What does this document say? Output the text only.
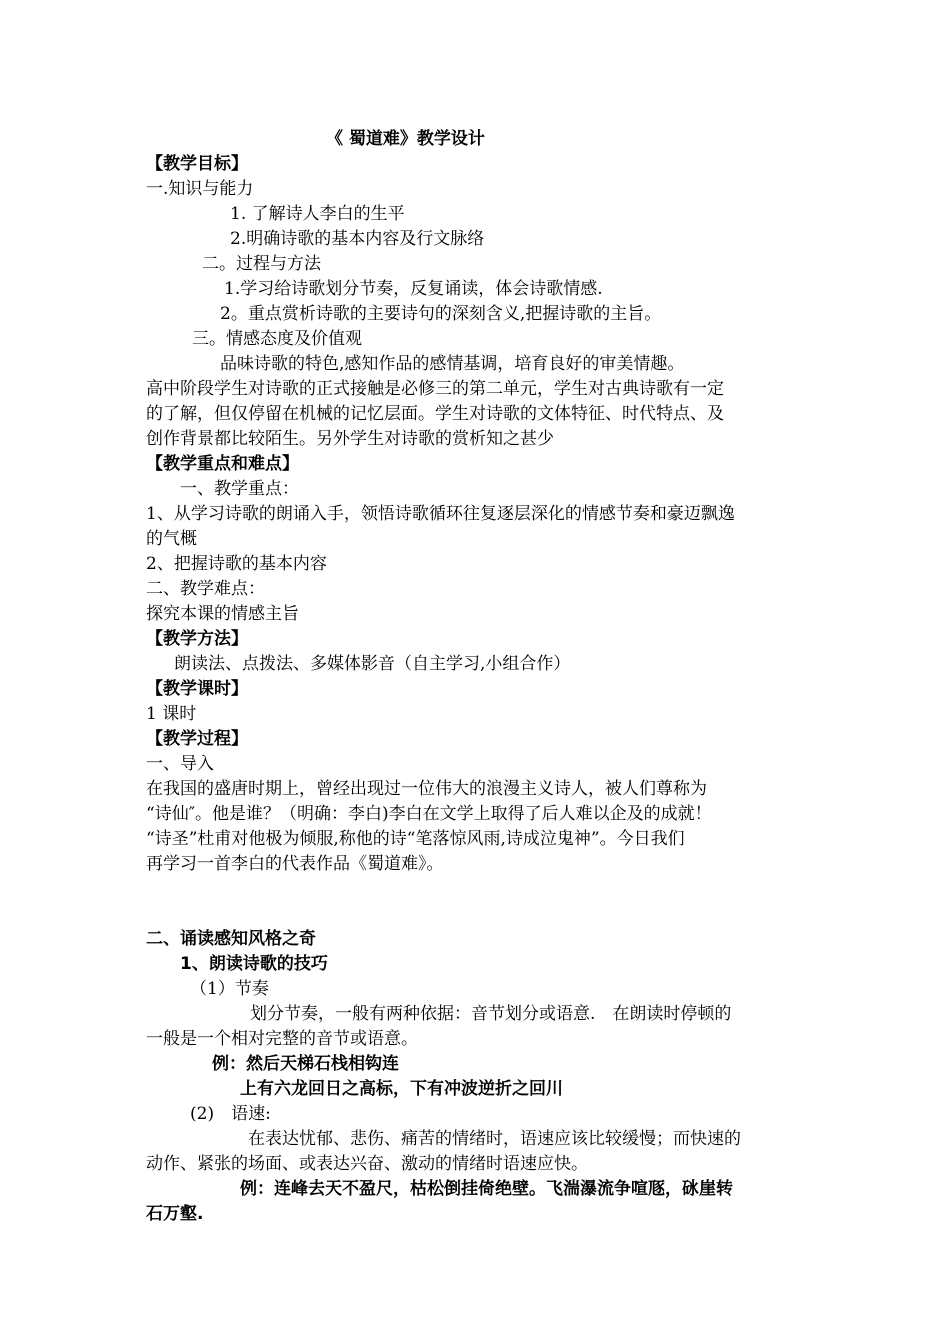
《 蜀道难》教学设计
【教学目标】
一.知识与能力
1. 了解诗人李白的生平
2.明确诗歌的基本内容及行文脉络
二。过程与方法
1.学习给诗歌划分节奏，反复诵读，体会诗歌情感.
2。重点赏析诗歌的主要诗句的深刻含义,把握诗歌的主旨。
三。情感态度及价值观
品味诗歌的特色,感知作品的感情基调，培育良好的审美情趣。
高中阶段学生对诗歌的正式接触是必修三的第二单元，学生对古典诗歌有一定
的了解，但仅停留在机械的记忆层面。学生对诗歌的文体特征、时代特点、及
创作背景都比较陌生。另外学生对诗歌的赏析知之甚少
【教学重点和难点】
一、教学重点：
1、从学习诗歌的朗诵入手，领悟诗歌循环往复逐层深化的情感节奏和豪迈飘逸
的气概
2、把握诗歌的基本内容
二、教学难点：
探究本课的情感主旨
【教学方法】
朗读法、点拨法、多媒体影音（自主学习,小组合作）
【教学课时】
1 课时
【教学过程】
一、导入
在我国的盛唐时期上，曾经出现过一位伟大的浪漫主义诗人，被人们尊称为
“诗仙″。他是谁？（明确：李白)李白在文学上取得了后人难以企及的成就！
“诗圣”杜甫对他极为倾服,称他的诗“笔落惊风雨,诗成泣鬼神”。今日我们
再学习一首李白的代表作品《蜀道难》。
二、诵读感知风格之奇
1、朗读诗歌的技巧
（1）节奏
划分节奏，一般有两种依据：音节划分或语意.　在朗读时停顿的
一般是一个相对完整的音节或语意。
例：然后天梯石栈相钩连
上有六龙回日之高标，下有冲波逆折之回川
(2)　语速:
在表达忧郁、悲伤、痛苦的情绪时，语速应该比较缓慢；而快速的
动作、紧张的场面、或表达兴奋、激动的情绪时语速应快。
例：连峰去天不盈尺，枯松倒挂倚绝壁。飞湍瀑流争喧豗，砯崖转
石万壑.
